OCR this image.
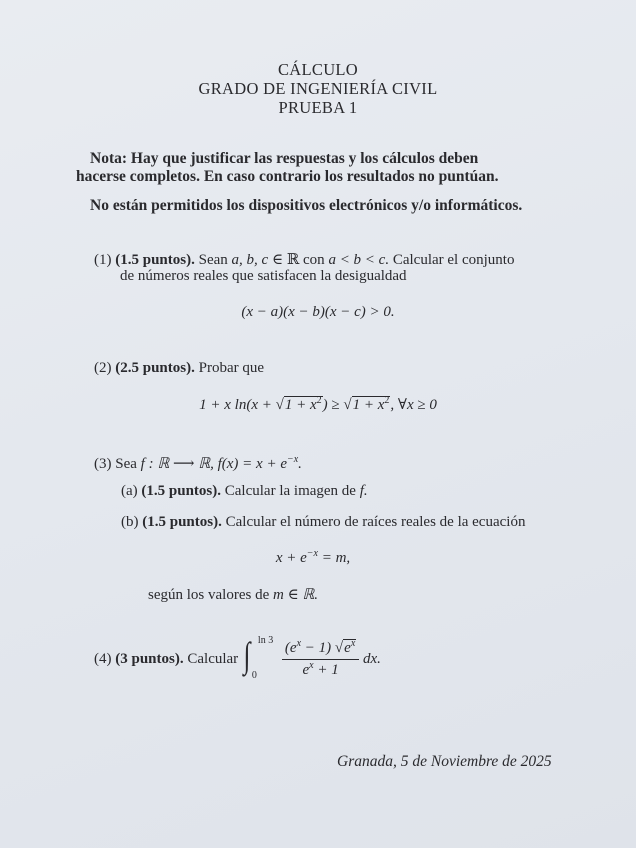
CÁLCULO
GRADO DE INGENIERÍA CIVIL
PRUEBA 1
Nota: Hay que justificar las respuestas y los cálculos deben
hacerse completos. En caso contrario los resultados no puntúan.
No están permitidos los dispositivos electrónicos y/o informáticos.
(1) (1.5 puntos). Sean a, b, c ∈ ℝ con a < b < c. Calcular el conjunto
de números reales que satisfacen la desigualdad
(x − a)(x − b)(x − c) > 0.
(2) (2.5 puntos). Probar que
1 + x $\ln(x + √1 + x^2) \ge √1 + x^2$, ∀x ≥ 0
(3) Sea f : ℝ ⟶ ℝ, $f(x) = x + e^{-x}$.
(a) (1.5 puntos). Calcular la imagen de f.
(b) (1.5 puntos). Calcular el número de raíces reales de la ecuación
$x + e^{-x} = m$,
según los valores de m ∈ ℝ.
(4)
(3 puntos).
Calcular
∫ ln 3
$0 \frac{(e^x - 1) √e^x}{e^x + 1}$
dx.
Granada, 5 de Noviembre de 2025
